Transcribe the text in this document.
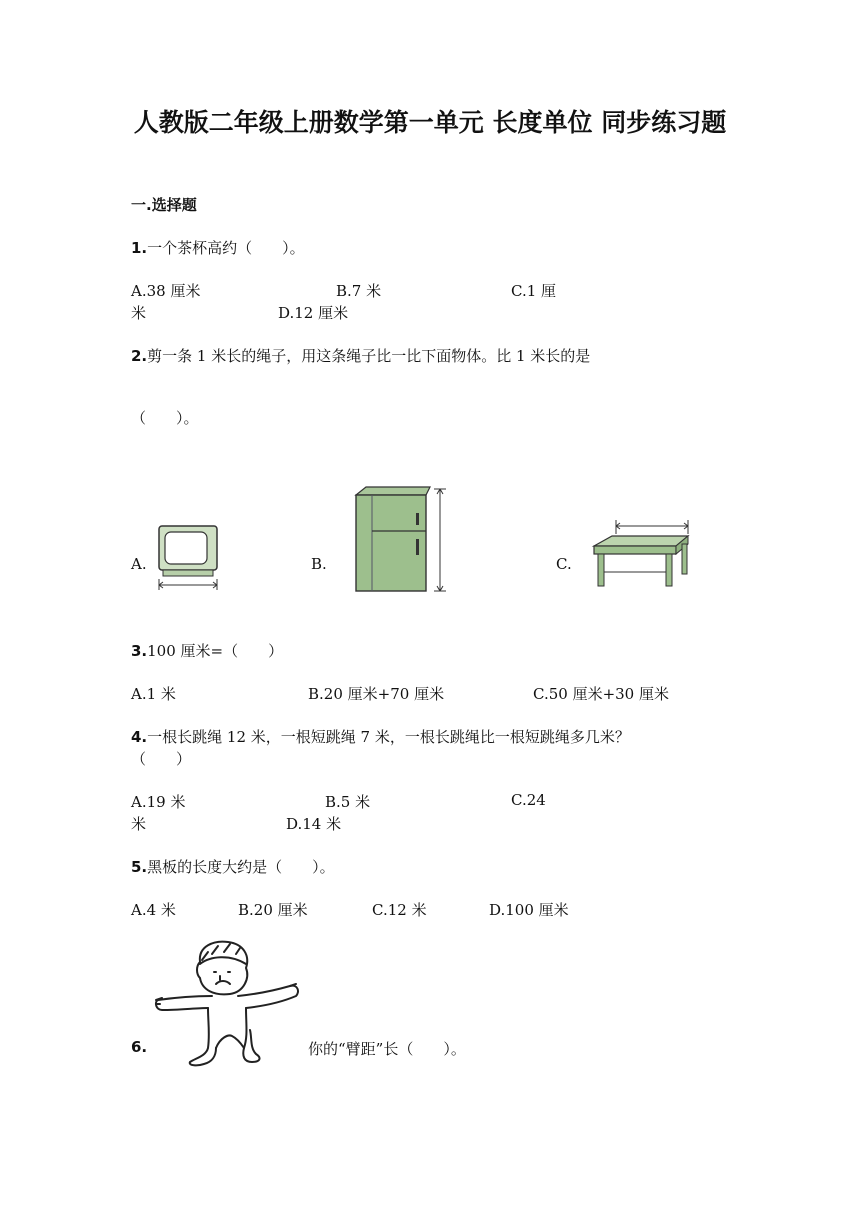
人教版二年级上册数学第一单元 长度单位 同步练习题
一.选择题
1.一个茶杯高约（　　）。
A.38 厘米	B.7 米	C.1 厘
米	D.12 厘米
2.剪一条 1 米长的绳子，用这条绳子比一比下面物体。比 1 米长的是
（　　）。
A.	B.	C.
3.100 厘米=（　　）
A.1 米	B.20 厘米+70 厘米	C.50 厘米+30 厘米
4.一根长跳绳 12 米，一根短跳绳 7 米，一根长跳绳比一根短跳绳多几米？
（　　）
A.19 米	B.5 米	C.24
米	D.14 米
5.黑板的长度大约是（　　）。
A.4 米	B.20 厘米	C.12 米	D.100 厘米
6.	你的“臂距”长（　　）。
